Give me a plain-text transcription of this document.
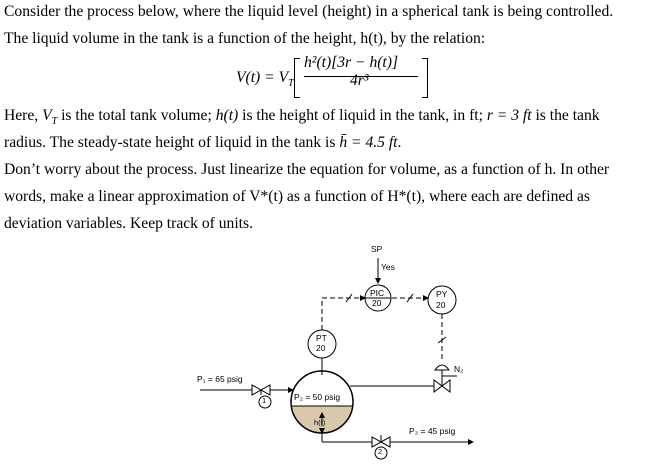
Consider the process below, where the liquid level (height) in a spherical tank is being controlled.
The liquid volume in the tank is a function of the height, h(t), by the relation:
Here, $V_T$ is the total tank volume; h(t) is the height of liquid in the tank, in ft; r = 3 ft is the tank
radius. The steady-state height of liquid in the tank is h̄ = 4.5 ft.
Don’t worry about the process. Just linearize the equation for volume, as a function of h. In other
words, make a linear approximation of V*(t) as a function of H*(t), where each are defined as
deviation variables. Keep track of units.
$V(t) = V_T$
h²(t)[3r − h(t)]
4r³
SP
Yes
PIC
20
PY
20
PT
20
N₂
P₁ = 65 psig
P₂ = 50 psig
P₃ = 45 psig
h(t)
1
2
